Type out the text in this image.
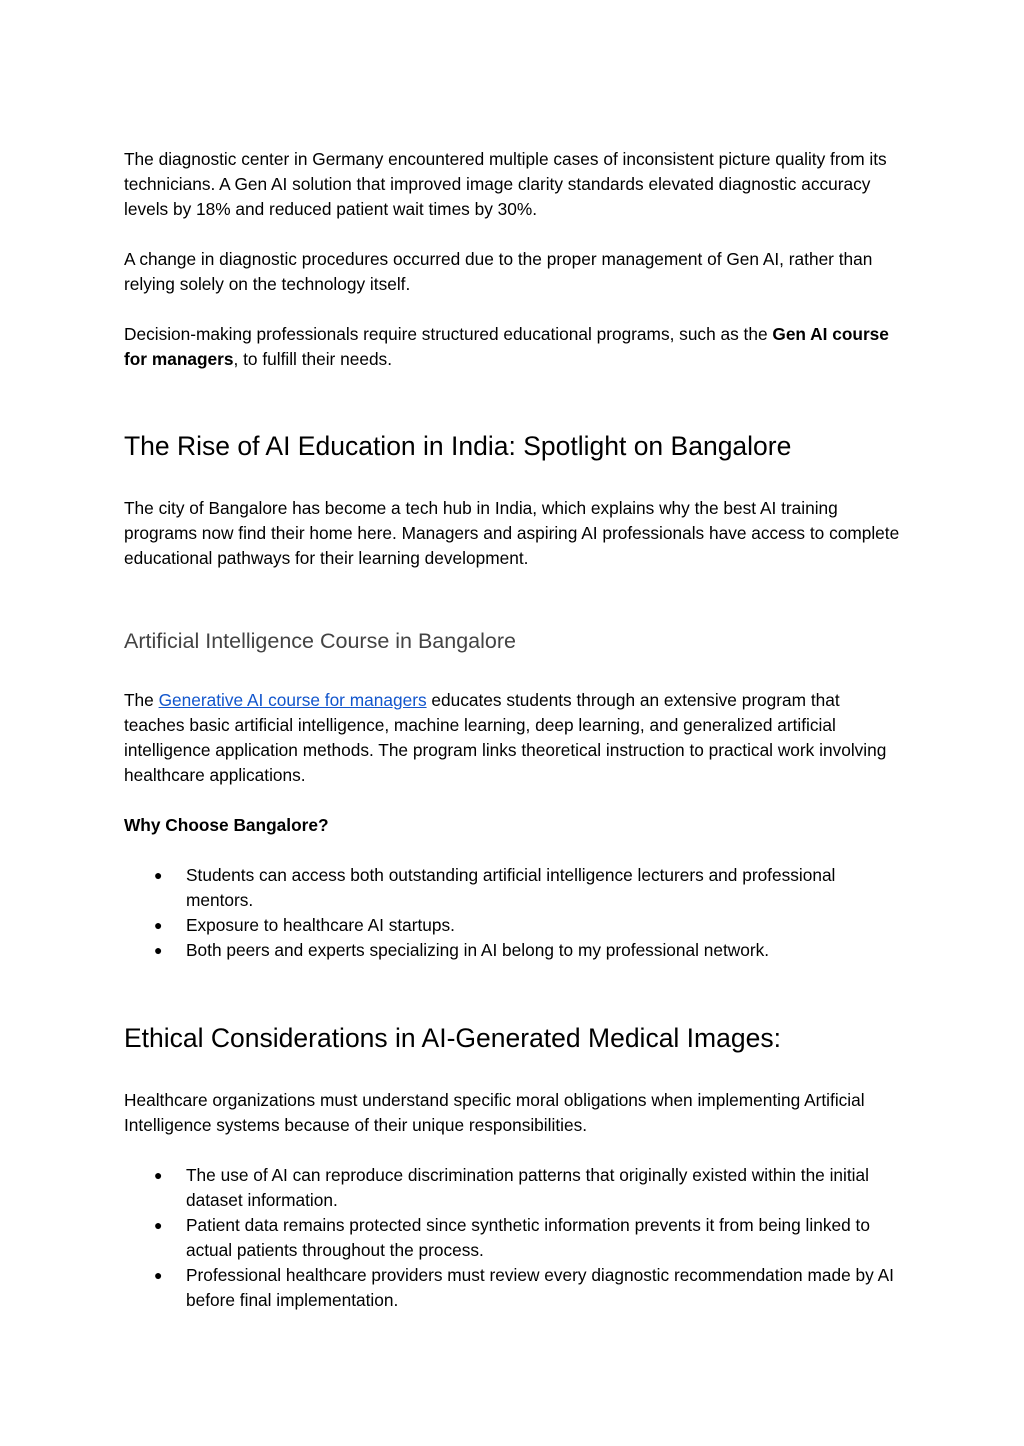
The diagnostic center in Germany encountered multiple cases of inconsistent picture quality from its technicians. A Gen AI solution that improved image clarity standards elevated diagnostic accuracy levels by 18% and reduced patient wait times by 30%.

A change in diagnostic procedures occurred due to the proper management of Gen AI, rather than relying solely on the technology itself.

Decision-making professionals require structured educational programs, such as the Gen AI course for managers, to fulfill their needs.

The Rise of AI Education in India: Spotlight on Bangalore

The city of Bangalore has become a tech hub in India, which explains why the best AI training programs now find their home here. Managers and aspiring AI professionals have access to complete educational pathways for their learning development.

Artificial Intelligence Course in Bangalore

The Generative AI course for managers educates students through an extensive program that teaches basic artificial intelligence, machine learning, deep learning, and generalized artificial intelligence application methods. The program links theoretical instruction to practical work involving healthcare applications.

Why Choose Bangalore?

● Students can access both outstanding artificial intelligence lecturers and professional mentors.
● Exposure to healthcare AI startups.
● Both peers and experts specializing in AI belong to my professional network.
Ethical Considerations in AI-Generated Medical Images:

Healthcare organizations must understand specific moral obligations when implementing Artificial Intelligence systems because of their unique responsibilities.

● The use of AI can reproduce discrimination patterns that originally existed within the initial dataset information.
● Patient data remains protected since synthetic information prevents it from being linked to actual patients throughout the process.
● Professional healthcare providers must review every diagnostic recommendation made by AI before final implementation.
